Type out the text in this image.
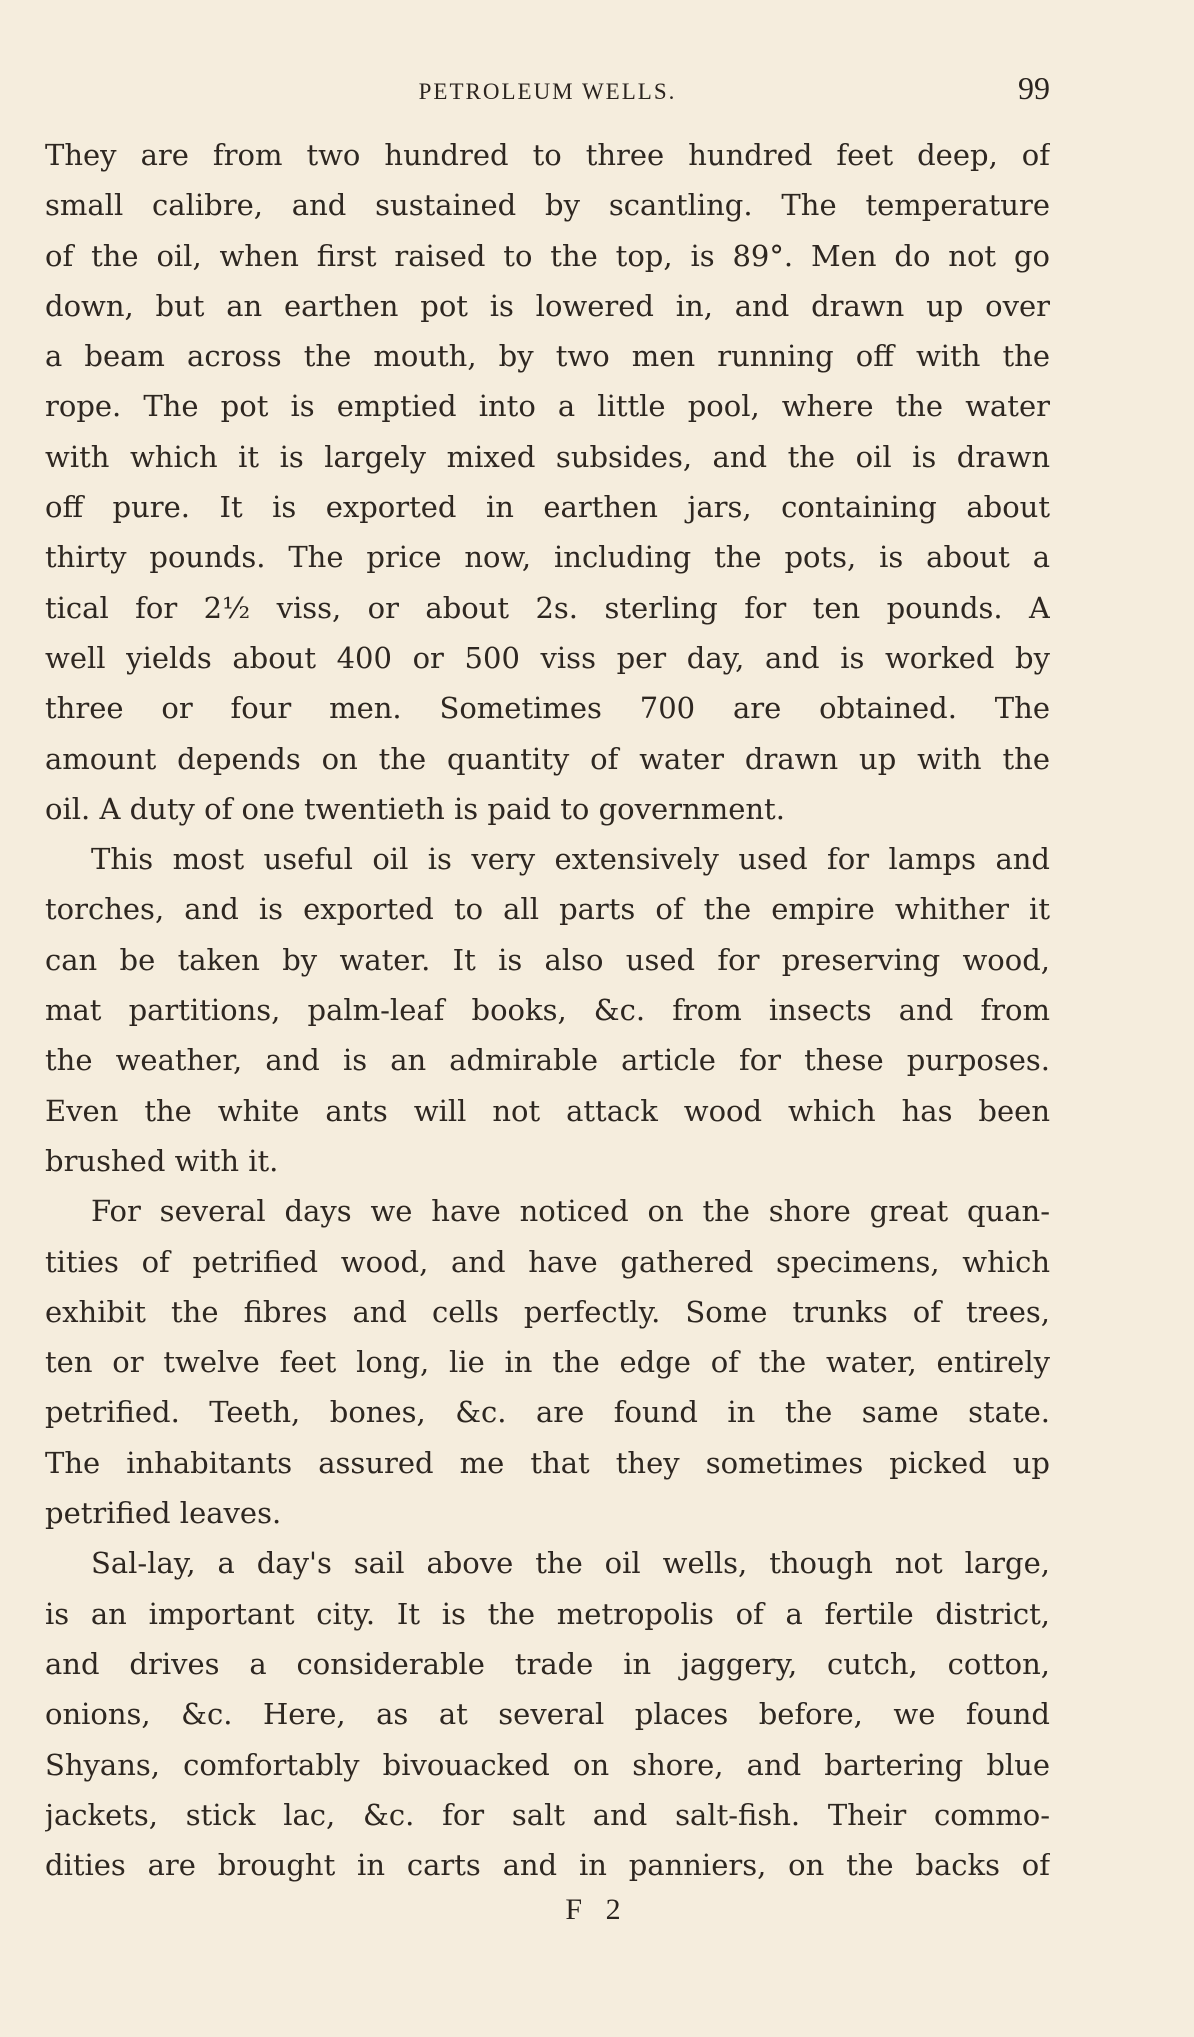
PETROLEUM WELLS.	99
They are from two hundred to three hundred feet deep, of
small calibre, and sustained by scantling. The temperature
of the oil, when first raised to the top, is 89°. Men do not go
down, but an earthen pot is lowered in, and drawn up over
a beam across the mouth, by two men running off with the
rope. The pot is emptied into a little pool, where the water
with which it is largely mixed subsides, and the oil is drawn
off pure. It is exported in earthen jars, containing about
thirty pounds. The price now, including the pots, is about a
tical for 2½ viss, or about 2s. sterling for ten pounds. A
well yields about 400 or 500 viss per day, and is worked by
three or four men. Sometimes 700 are obtained. The
amount depends on the quantity of water drawn up with the
oil. A duty of one twentieth is paid to government.
This most useful oil is very extensively used for lamps and
torches, and is exported to all parts of the empire whither it
can be taken by water. It is also used for preserving wood,
mat partitions, palm-leaf books, &c. from insects and from
the weather, and is an admirable article for these purposes.
Even the white ants will not attack wood which has been
brushed with it.
For several days we have noticed on the shore great quan-
tities of petrified wood, and have gathered specimens, which
exhibit the fibres and cells perfectly. Some trunks of trees,
ten or twelve feet long, lie in the edge of the water, entirely
petrified. Teeth, bones, &c. are found in the same state.
The inhabitants assured me that they sometimes picked up
petrified leaves.
Sal-lay, a day's sail above the oil wells, though not large,
is an important city. It is the metropolis of a fertile district,
and drives a considerable trade in jaggery, cutch, cotton,
onions, &c. Here, as at several places before, we found
Shyans, comfortably bivouacked on shore, and bartering blue
jackets, stick lac, &c. for salt and salt-fish. Their commo-
dities are brought in carts and in panniers, on the backs of
F 2
